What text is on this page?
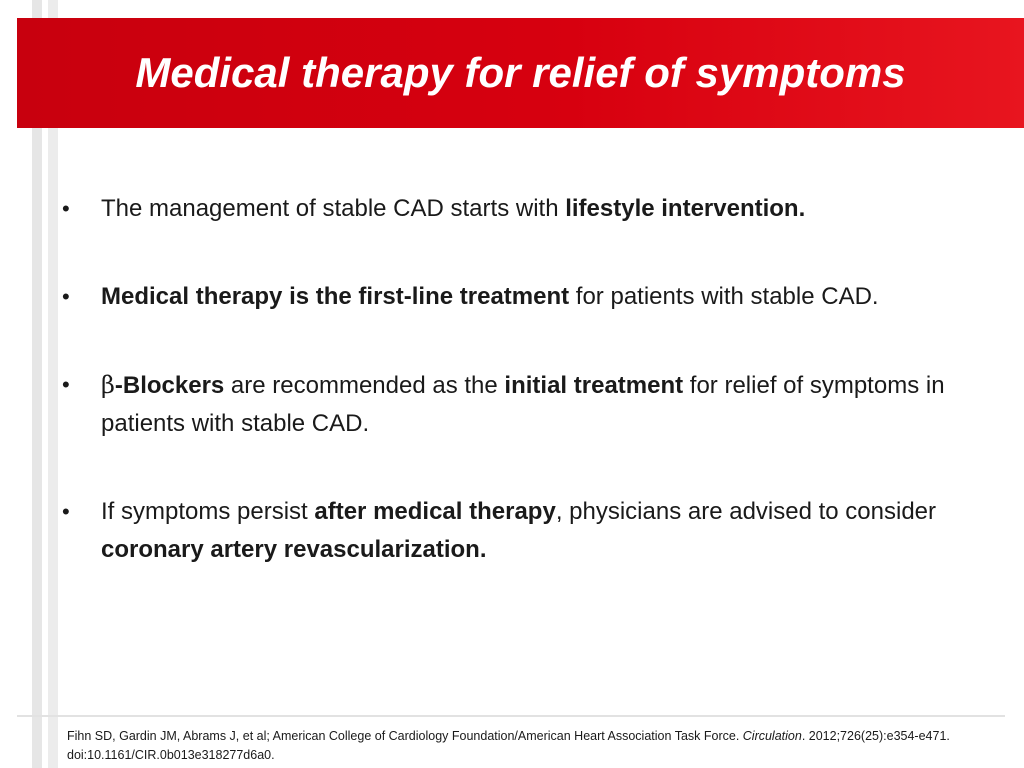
Medical therapy for relief of symptoms
• The management of stable CAD starts with lifestyle intervention.
• Medical therapy is the first-line treatment for patients with stable CAD.
• β-Blockers are recommended as the initial treatment for relief of symptoms in patients with stable CAD.
• If symptoms persist after medical therapy, physicians are advised to consider coronary artery revascularization.
Fihn SD, Gardin JM, Abrams J, et al; American College of Cardiology Foundation/American Heart Association Task Force. Circulation. 2012;726(25):e354-e471. doi:10.1161/CIR.0b013e318277d6a0.
